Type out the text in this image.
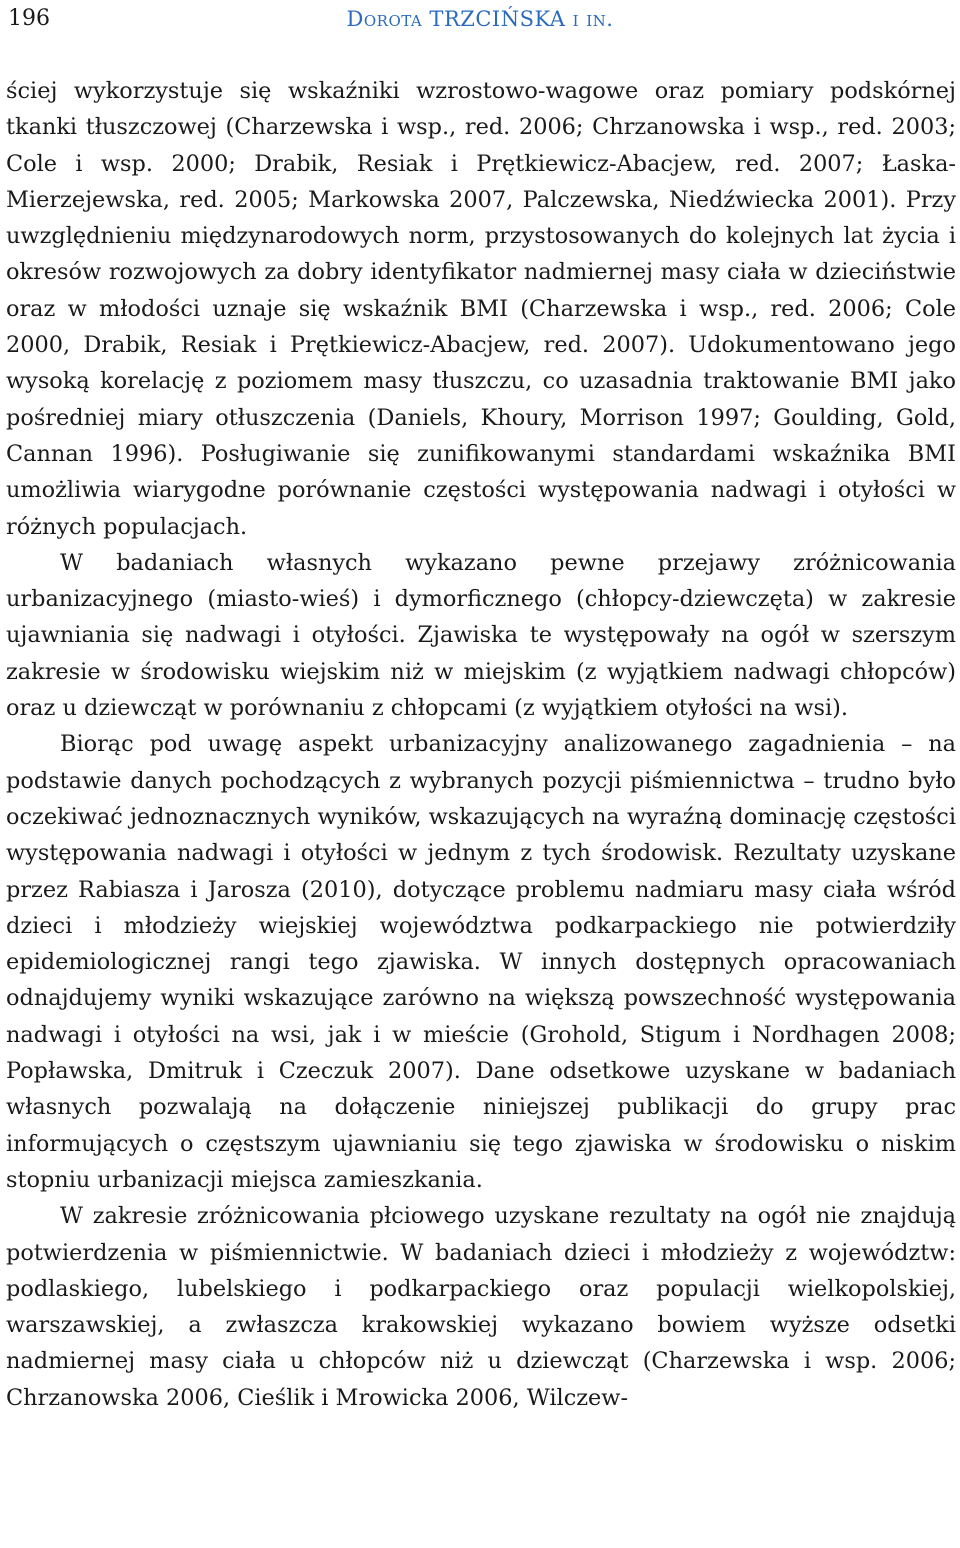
196	Dorota TRZCIŃSKA i in.

ściej wykorzystuje się wskaźniki wzrostowo-wagowe oraz pomiary podskórnej tkanki tłuszczowej (Charzewska i wsp., red. 2006; Chrzanowska i wsp., red. 2003; Cole i wsp. 2000; Drabik, Resiak i Prętkiewicz-Abacjew, red. 2007; Łaska-Mierzejewska, red. 2005; Markowska 2007, Palczewska, Niedźwiecka 2001). Przy uwzględnieniu międzynarodowych norm, przystosowanych do kolejnych lat życia i okresów rozwojowych za dobry identyfikator nadmiernej masy ciała w dzieciństwie oraz w młodości uznaje się wskaźnik BMI (Charzewska i wsp., red. 2006; Cole 2000, Drabik, Resiak i Prętkiewicz-Abacjew, red. 2007). Udokumentowano jego wysoką korelację z poziomem masy tłuszczu, co uzasadnia traktowanie BMI jako pośredniej miary otłuszczenia (Daniels, Khoury, Morrison 1997; Goulding, Gold, Cannan 1996). Posługiwanie się zunifikowanymi standardami wskaźnika BMI umożliwia wiarygodne porównanie częstości występowania nadwagi i otyłości w różnych populacjach.

W badaniach własnych wykazano pewne przejawy zróżnicowania urbanizacyjnego (miasto-wieś) i dymorficznego (chłopcy-dziewczęta) w zakresie ujawniania się nadwagi i otyłości. Zjawiska te występowały na ogół w szerszym zakresie w środowisku wiejskim niż w miejskim (z wyjątkiem nadwagi chłopców) oraz u dziewcząt w porównaniu z chłopcami (z wyjątkiem otyłości na wsi).

Biorąc pod uwagę aspekt urbanizacyjny analizowanego zagadnienia – na podstawie danych pochodzących z wybranych pozycji piśmiennictwa – trudno było oczekiwać jednoznacznych wyników, wskazujących na wyraźną dominację częstości występowania nadwagi i otyłości w jednym z tych środowisk. Rezultaty uzyskane przez Rabiasza i Jarosza (2010), dotyczące problemu nadmiaru masy ciała wśród dzieci i młodzieży wiejskiej województwa podkarpackiego nie potwierdziły epidemiologicznej rangi tego zjawiska. W innych dostępnych opracowaniach odnajdujemy wyniki wskazujące zarówno na większą powszechność występowania nadwagi i otyłości na wsi, jak i w mieście (Grohold, Stigum i Nordhagen 2008; Popławska, Dmitruk i Czeczuk 2007). Dane odsetkowe uzyskane w badaniach własnych pozwalają na dołączenie niniejszej publikacji do grupy prac informujących o częstszym ujawnianiu się tego zjawiska w środowisku o niskim stopniu urbanizacji miejsca zamieszkania.

W zakresie zróżnicowania płciowego uzyskane rezultaty na ogół nie znajdują potwierdzenia w piśmiennictwie. W badaniach dzieci i młodzieży z województw: podlaskiego, lubelskiego i podkarpackiego oraz populacji wielkopolskiej, warszawskiej, a zwłaszcza krakowskiej wykazano bowiem wyższe odsetki nadmiernej masy ciała u chłopców niż u dziewcząt (Charzewska i wsp. 2006; Chrzanowska 2006, Cieślik i Mrowicka 2006, Wilczew-
